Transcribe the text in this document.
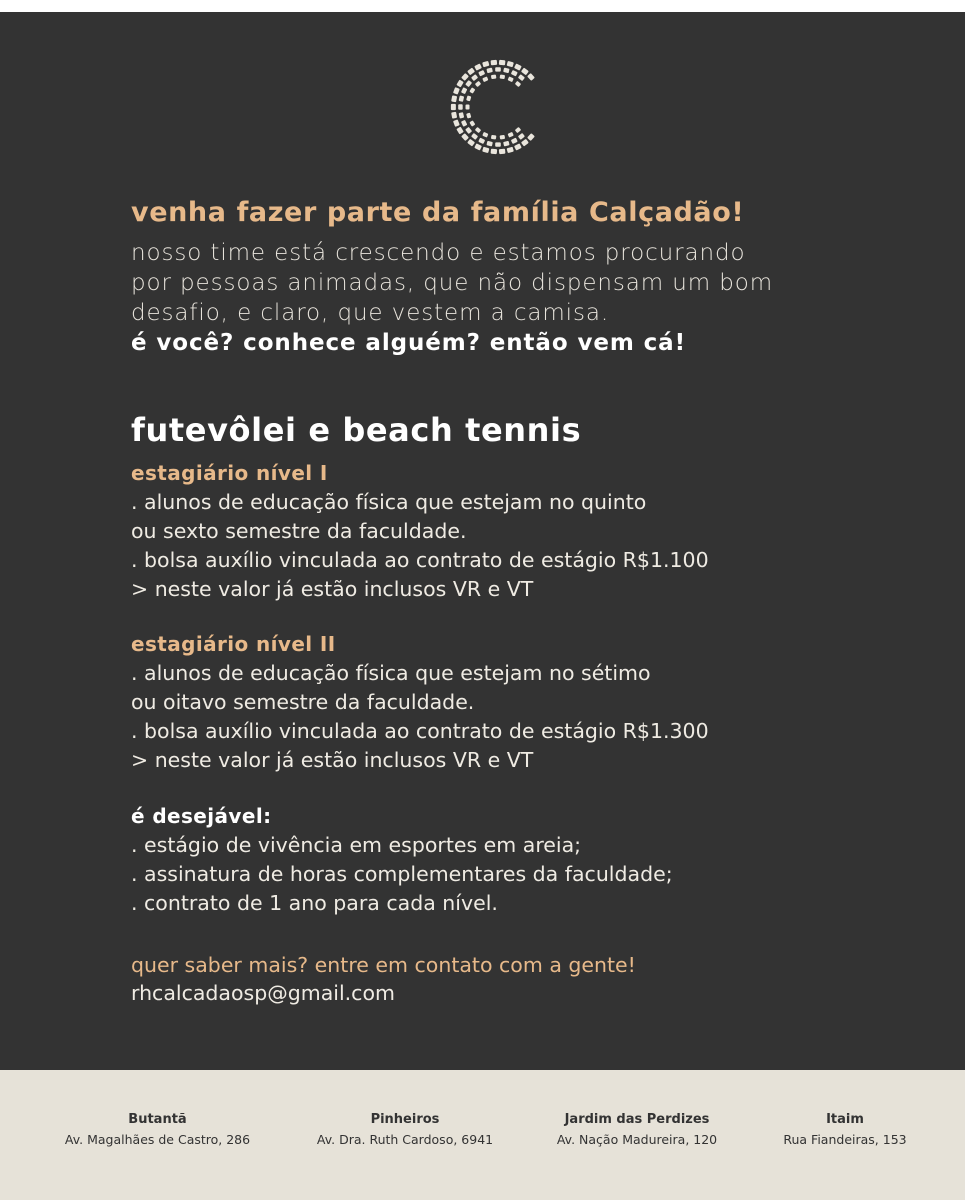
venha fazer parte da família Calçadão!

nosso time está crescendo e estamos procurando

por pessoas animadas, que não dispensam um bom

desafio, e claro, que vestem a camisa.

é você? conhece alguém? então vem cá!

futevôlei e beach tennis
estagiário nível I
. alunos de educação física que estejam no quinto
ou sexto semestre da faculdade.
. bolsa auxílio vinculada ao contrato de estágio R$1.100
> neste valor já estão inclusos VR e VT
estagiário nível II
. alunos de educação física que estejam no sétimo
ou oitavo semestre da faculdade.
. bolsa auxílio vinculada ao contrato de estágio R$1.300
> neste valor já estão inclusos VR e VT
é desejável:
. estágio de vivência em esportes em areia;
. assinatura de horas complementares da faculdade;
. contrato de 1 ano para cada nível.
quer saber mais? entre em contato com a gente!
rhcalcadaosp@gmail.com
Butantã
Av. Magalhães de Castro, 286
Pinheiros
Av. Dra. Ruth Cardoso, 6941
Jardim das Perdizes
Av. Nação Madureira, 120
Itaim
Rua Fiandeiras, 153
